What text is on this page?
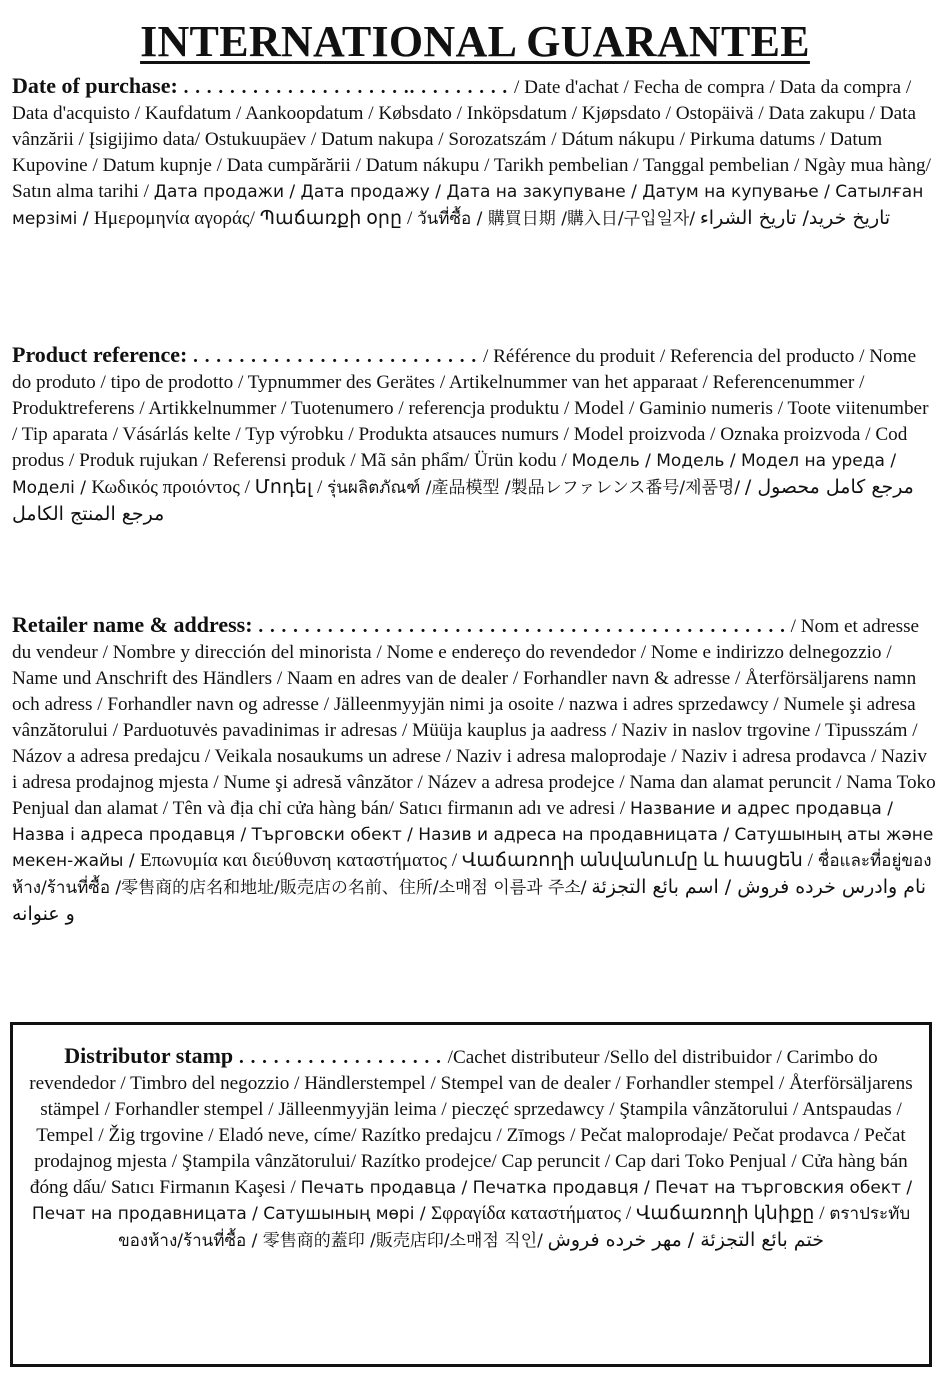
INTERNATIONAL GUARANTEE
Date of purchase: . . . . . . . . . . . . . . . . . . . .. . . . . . . . . / Date d'achat / Fecha de compra / Data da compra / Data d'acquisto / Kaufdatum / Aankoopdatum / Købsdato / Inköpsdatum / Kjøpsdato / Ostopäivä / Data zakupu / Data vânzării / Įsigijimo data/ Ostukuupäev / Datum nakupa / Sorozatszám / Dátum nákupu / Pirkuma datums / Datum Kupovine / Datum kupnje / Data cumpărării / Datum nákupu / Tarikh pembelian / Tanggal pembelian / Ngày mua hàng/ Satın alma tarihi / Дата продажи / Дата продажу / Дата на закупуване / Датум на купување / Сатылған мерзімі / Ημερομηνία αγοράς/ Պաճառքի օրը / วันที่ซื้อ / 購買日期 /購入日/구입일자/ تاريخ خريد/ تاريخ الشراء
Product reference: . . . . . . . . . . . . . . . . . . . . . . . . . / Référence du produit / Referencia del producto / Nome do produto / tipo de prodotto / Typnummer des Gerätes / Artikelnummer van het apparaat / Referencenummer / Produktreferens / Artikkelnummer / Tuotenumero / referencja produktu / Model / Gaminio numeris / Toote viitenumber / Tip aparata / Vásárlás kelte / Typ výrobku / Produkta atsauces numurs / Model proizvoda / Oznaka proizvoda / Cod produs / Produk rujukan / Referensi produk / Mã sản phẩm/ Ürün kodu / Модель / Модель / Модел на уреда / Моделі / Κωδικός προιόντος / Մոդել / รุ่นผลิตภัณฑ์ /產品模型 /製品レファレンス番号/제품명/ مرجع كامل محصول / مرجع المنتج الكامل
Retailer name & address: . . . . . . . . . . . . . . . . . . . . . . . . . . . . . . . . . . . . . . . . . . . . . . / Nom et adresse du vendeur / Nombre y dirección del minorista / Nome e endereço do revendedor / Nome e indirizzo delnegozzio / Name und Anschrift des Händlers / Naam en adres van de dealer / Forhandler navn & adresse / Återförsäljarens namn och adress / Forhandler navn og adresse / Jälleenmyyjän nimi ja osoite / nazwa i adres sprzedawcy / Numele şi adresa vânzătorului / Parduotuvės pavadinimas ir adresas / Müüja kauplus ja aadress / Naziv in naslov trgovine / Tipusszám / Názov a adresa predajcu / Veikala nosaukums un adrese / Naziv i adresa maloprodaje / Naziv i adresa prodavca / Naziv i adresa prodajnog mjesta / Nume şi adresă vânzător / Název a adresa prodejce / Nama dan alamat peruncit / Nama Toko Penjual dan alamat / Tên và địa chỉ cửa hàng bán/ Satıcı firmanın adı ve adresi / Название и адрес продавца / Назва і адреса продавця / Търговски обект / Назив и адреса на продавницата / Сатушының аты және мекен-жайы / Επωνυμία και διεύθυνση καταστήματος / Վաճառողի անվանումը և հասցեն / ชื่อและที่อยู่ของห้าง/ร้านที่ซื้อ /零售商的店名和地址/販売店の名前、住所/소매점 이름과 주소/ نام وادرس خرده فروش / اسم بائع التجزئة و عنوانه
Distributor stamp . . . . . . . . . . . . . . . . . . /Cachet distributeur /Sello del distribuidor / Carimbo do revendedor / Timbro del negozzio / Händlerstempel / Stempel van de dealer / Forhandler stempel / Återförsäljarens stämpel / Forhandler stempel / Jälleenmyyjän leima / pieczęć sprzedawcy / Ştampila vânzătorului / Antspaudas / Tempel / Žig trgovine / Eladó neve, címe/ Razítko predajcu / Zīmogs / Pečat maloprodaje/ Pečat prodavca / Pečat prodajnog mjesta / Ştampila vânzătorului/ Razítko prodejce/ Cap peruncit / Cap dari Toko Penjual / Cửa hàng bán đóng dấu/ Satıcı Firmanın Kaşesi / Печать продавца / Печатка продавця / Печат на търговския обект / Печат на продавницата / Сатушының мөрі / Σφραγίδα καταστήματος / Վաճառողի կնիքը / ตราประทับของห้าง/ร้านที่ซื้อ / 零售商的蓋印 /販売店印/소매점 직인/ ختم بائع التجزئة / مهر خرده فروش
